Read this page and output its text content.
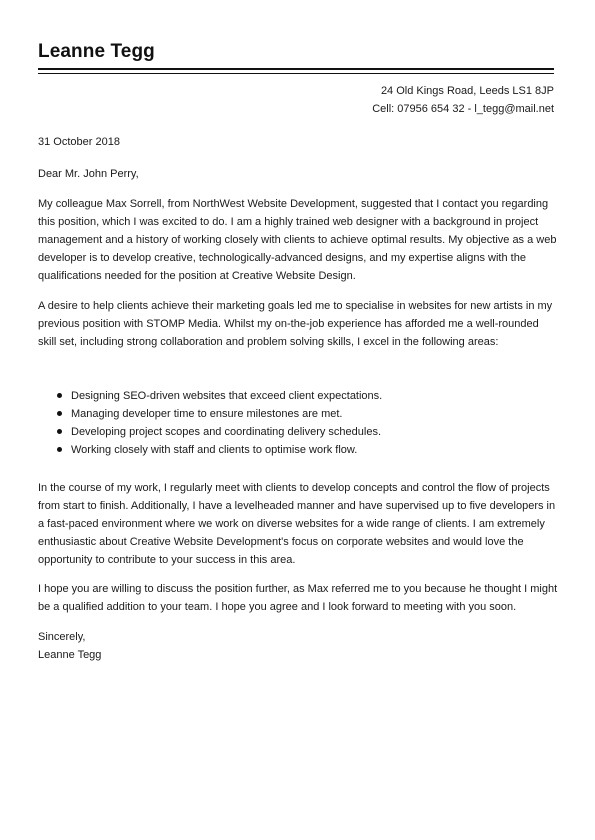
Leanne Tegg
24 Old Kings Road, Leeds LS1 8JP
Cell: 07956 654 32 - l_tegg@mail.net

31 October 2018

Dear Mr. John Perry,

My colleague Max Sorrell, from NorthWest Website Development, suggested that I contact you regarding this position, which I was excited to do. I am a highly trained web designer with a background in project management and a history of working closely with clients to achieve optimal results. My objective as a web developer is to develop creative, technologically-advanced designs, and my expertise aligns with the qualifications needed for the position at Creative Website Design.

A desire to help clients achieve their marketing goals led me to specialise in websites for new artists in my previous position with STOMP Media. Whilst my on-the-job experience has afforded me a well-rounded skill set, including strong collaboration and problem solving skills, I excel in the following areas:

Designing SEO-driven websites that exceed client expectations.
Managing developer time to ensure milestones are met.
Developing project scopes and coordinating delivery schedules.
Working closely with staff and clients to optimise work flow.

In the course of my work, I regularly meet with clients to develop concepts and control the flow of projects from start to finish. Additionally, I have a levelheaded manner and have supervised up to five developers in a fast-paced environment where we work on diverse websites for a wide range of clients. I am extremely enthusiastic about Creative Website Development's focus on corporate websites and would love the opportunity to contribute to your success in this area.

I hope you are willing to discuss the position further, as Max referred me to you because he thought I might be a qualified addition to your team. I hope you agree and I look forward to meeting with you soon.

Sincerely,

Leanne Tegg
